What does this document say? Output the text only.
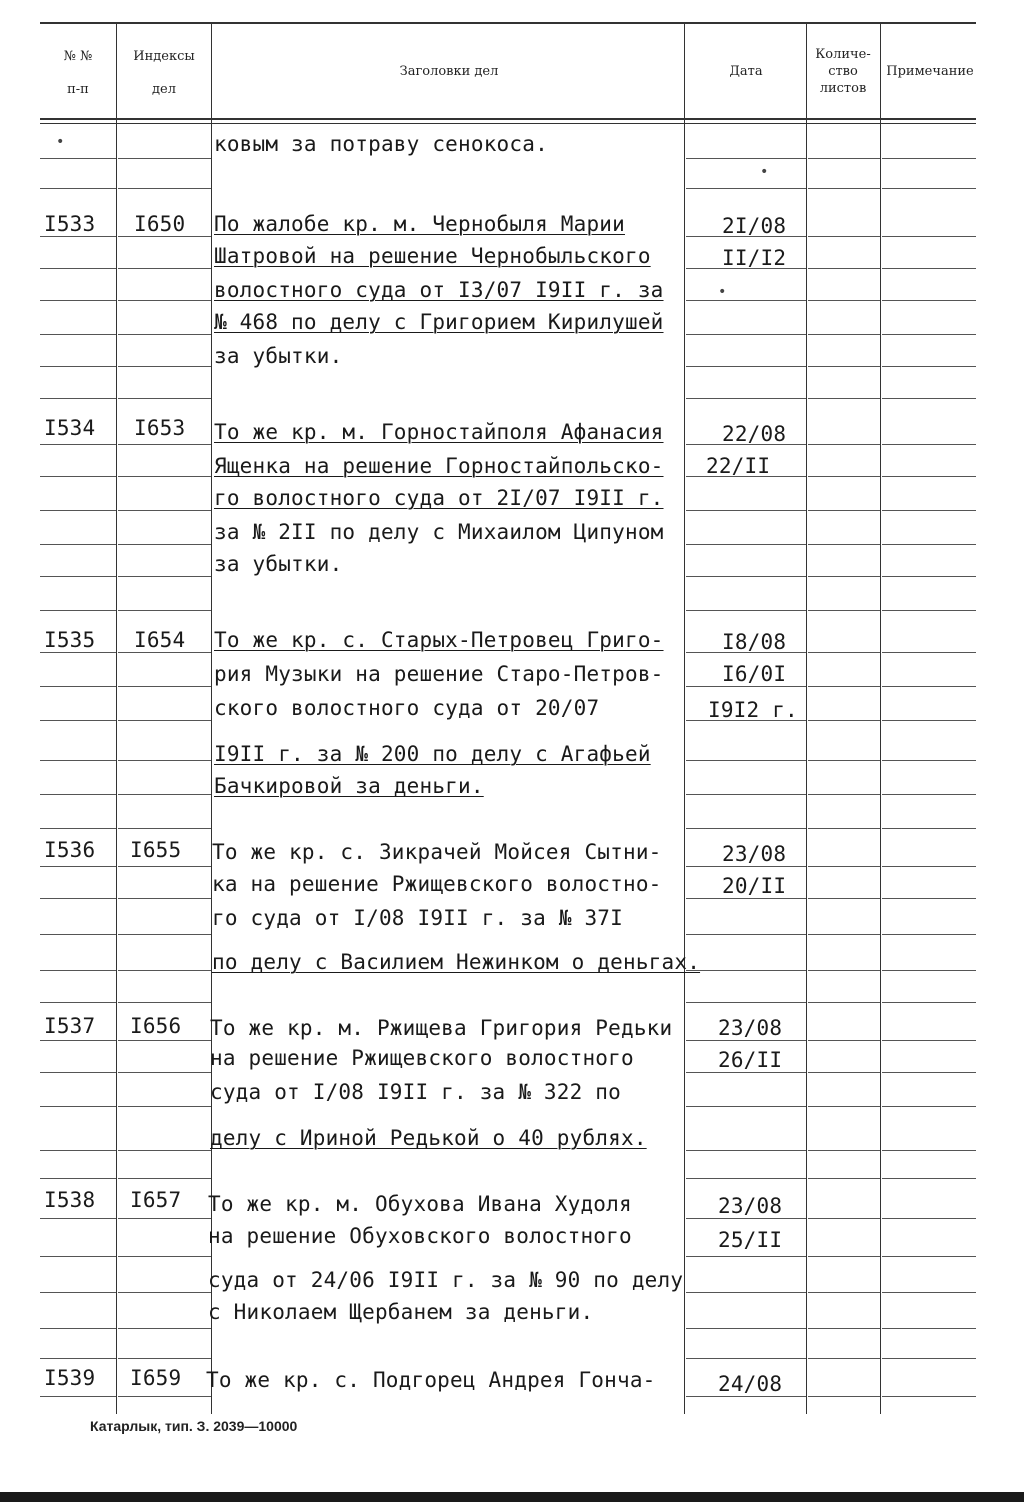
№ №
п-п
Индексы
дел
Заголовки дел	Дата
Количе-
ство
листов
Примечание
I533
I534
I535
I536
I537
I538
I539
I650
I653
I654
I655
I656
I657
I659
ковым за потраву сенокоса.
По жалобе кр. м. Чернобыля Марии
Шатровой на решение Чернобыльского
волостного суда от I3/07 I9II г. за
№ 468 по делу с Григорием Кирилушей
за убытки.
То же кр. м. Горностайполя Афанасия
Ященка на решение Горностайпольско-
го волостного суда от 2I/07 I9II г.
за № 2II по делу с Михаилом Ципуном
за убытки.
То же кр. с. Старых-Петровец Григо-
рия Музыки на решение Старо-Петров-
ского волостного суда от 20/07
I9II г. за № 200 по делу с Агафьей
Бачкировой за деньги.
То же кр. с. Зикрачей Мойсея Сытни-
ка на решение Ржищевского волостно-
го суда от I/08 I9II г. за № 37I
по делу с Василием Нежинком о деньгах.
То же кр. м. Ржищева Григория Редьки
на решение Ржищевского волостного
суда от I/08 I9II г. за № 322 по
делу с Ириной Редькой о 40 рублях.
То же кр. м. Обухова Ивана Худоля
на решение Обуховского волостного
суда от 24/06 I9II г. за № 90 по делу
с Николаем Щербанем за деньги.
То же кр. с. Подгорец Андрея Гонча-
2I/08
II/I2
22/08
22/II
I8/08
I6/0I
I9I2 г.
23/08
20/II
23/08
26/II
23/08
25/II
24/08
•
•
•
Катарлык, тип. З. 2039—10000
